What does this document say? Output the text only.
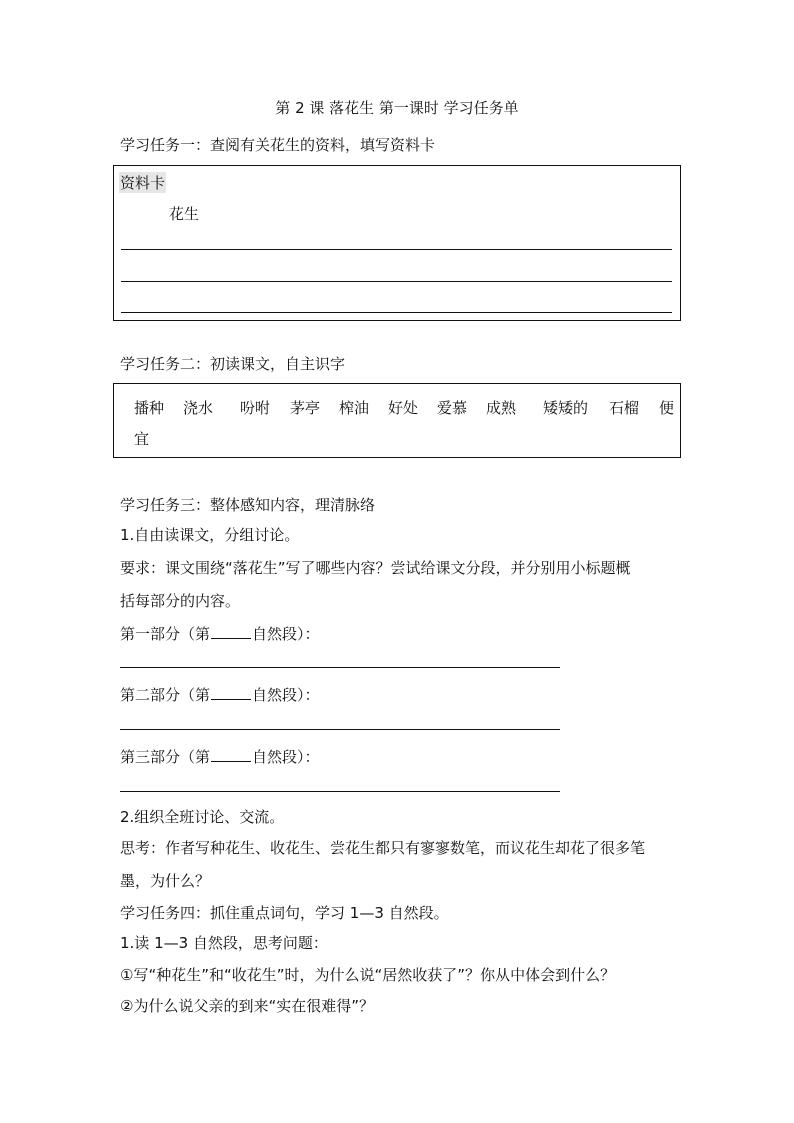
第 2 课 落花生 第一课时 学习任务单
学习任务一：查阅有关花生的资料，填写资料卡
资料卡
花生
学习任务二：初读课文，自主识字
播种 浇水 吩咐 茅亭 榨油 好处 爱慕 成熟 矮矮的 石榴 便
宜
学习任务三：整体感知内容，理清脉络
1.自由读课文，分组讨论。
要求：课文围绕“落花生”写了哪些内容？尝试给课文分段，并分别用小标题概
括每部分的内容。
第一部分（第	自然段）：
第二部分（第	自然段）：
第三部分（第	自然段）：
2.组织全班讨论、交流。
思考：作者写种花生、收花生、尝花生都只有寥寥数笔，而议花生却花了很多笔
墨，为什么？
学习任务四：抓住重点词句，学习 1—3 自然段。
1.读 1—3 自然段，思考问题：
①写“种花生”和“收花生”时，为什么说“居然收获了”？你从中体会到什么？
②为什么说父亲的到来“实在很难得”？
